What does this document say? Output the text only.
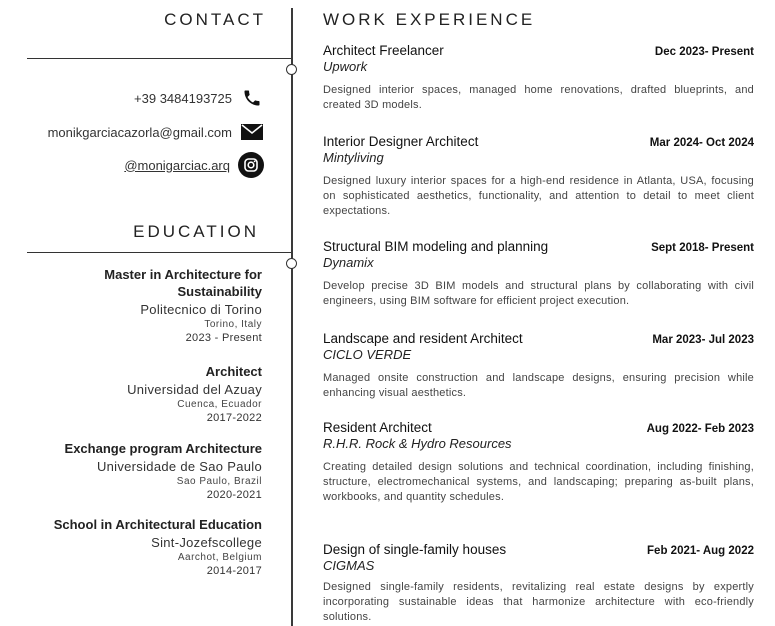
CONTACT
+39 3484193725
monikgarciacazorla@gmail.com
@monigarciac.arq
EDUCATION
Master in Architecture for Sustainability
Politecnico di Torino
Torino, Italy
2023 - Present
Architect
Universidad del Azuay
Cuenca, Ecuador
2017-2022
Exchange program Architecture
Universidade de Sao Paulo
Sao Paulo, Brazil
2020-2021
School in Architectural Education
Sint-Jozefscollege
Aarchot, Belgium
2014-2017
WORK EXPERIENCE
Architect Freelancer	Dec 2023- Present
Upwork
Designed interior spaces, managed home renovations, drafted blueprints, and created 3D models.
Interior Designer Architect	Mar 2024- Oct 2024
Mintyliving
Designed luxury interior spaces for a high-end residence in Atlanta, USA, focusing on sophisticated aesthetics, functionality, and attention to detail to meet client expectations.
Structural BIM modeling and planning	Sept 2018- Present
Dynamix
Develop precise 3D BIM models and structural plans by collaborating with civil engineers, using BIM software for efficient project execution.
Landscape and resident Architect	Mar 2023- Jul 2023
CICLO VERDE
Managed onsite construction and landscape designs, ensuring precision while enhancing visual aesthetics.
Resident Architect	Aug 2022- Feb 2023
R.H.R. Rock & Hydro Resources
Creating detailed design solutions and technical coordination, including finishing, structure, electromechanical systems, and landscaping; preparing as-built plans, workbooks, and quantity schedules.
Design of single-family houses	Feb 2021- Aug 2022
CIGMAS
Designed single-family residents, revitalizing real estate designs by expertly incorporating sustainable ideas that harmonize architecture with eco-friendly solutions.
